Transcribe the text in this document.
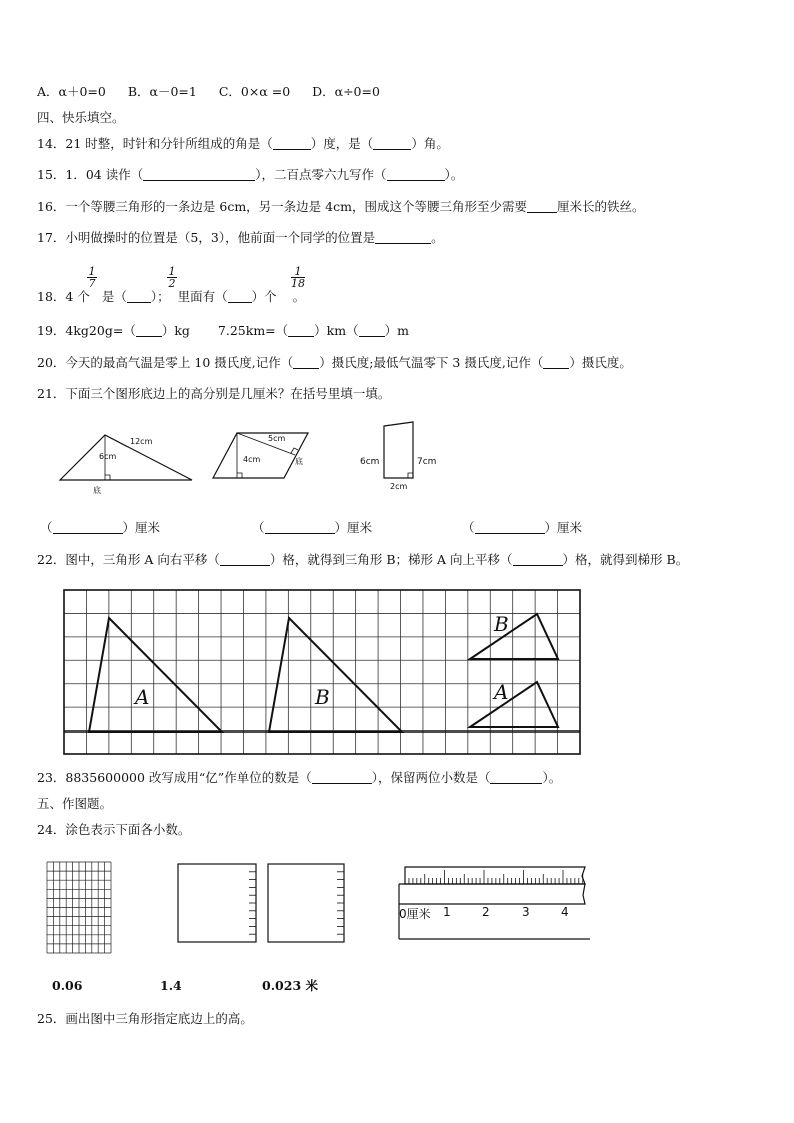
A．α＋0=0 B．α－0=1 C．0×α =0 D．α÷0=0
四、快乐填空。
14．21 时整，时针和分针所组成的角是（	）度，是（	）角。
15．1．04 读作（	），二百点零六九写作（	）。
16．一个等腰三角形的一条边是 6cm，另一条边是 4cm，围成这个等腰三角形至少需要 厘米长的铁丝。
17．小明做操时的位置是（5，3），他前面一个同学的位置是	。
18．4 个 是（ ）； 里面有（ ）个 。
1
7
1
2
1
18
19．4kg20g=（ ）kg 7.25km=（ ）km（ ）m
20．今天的最高气温是零上 10 摄氏度,记作（ ）摄氏度;最低气温零下 3 摄氏度,记作（ ）摄氏度。
21．下面三个图形底边上的高分别是几厘米？在括号里填一填。
12cm
6cm
底
5cm
4cm	底	6cm	7cm
2cm
（	）厘米	（	）厘米	（	）厘米
22．图中，三角形 A 向右平移（	）格，就得到三角形 B；梯形 A 向上平移（	）格，就得到梯形 B。
A	B
B
A
23．8835600000 改写成用“亿”作单位的数是（	），保留两位小数是（	）。
五、作图题。
24．涂色表示下面各小数。
0厘米 1	2	3	4
0.06	1.4	0.023 米
25．画出图中三角形指定底边上的高。
